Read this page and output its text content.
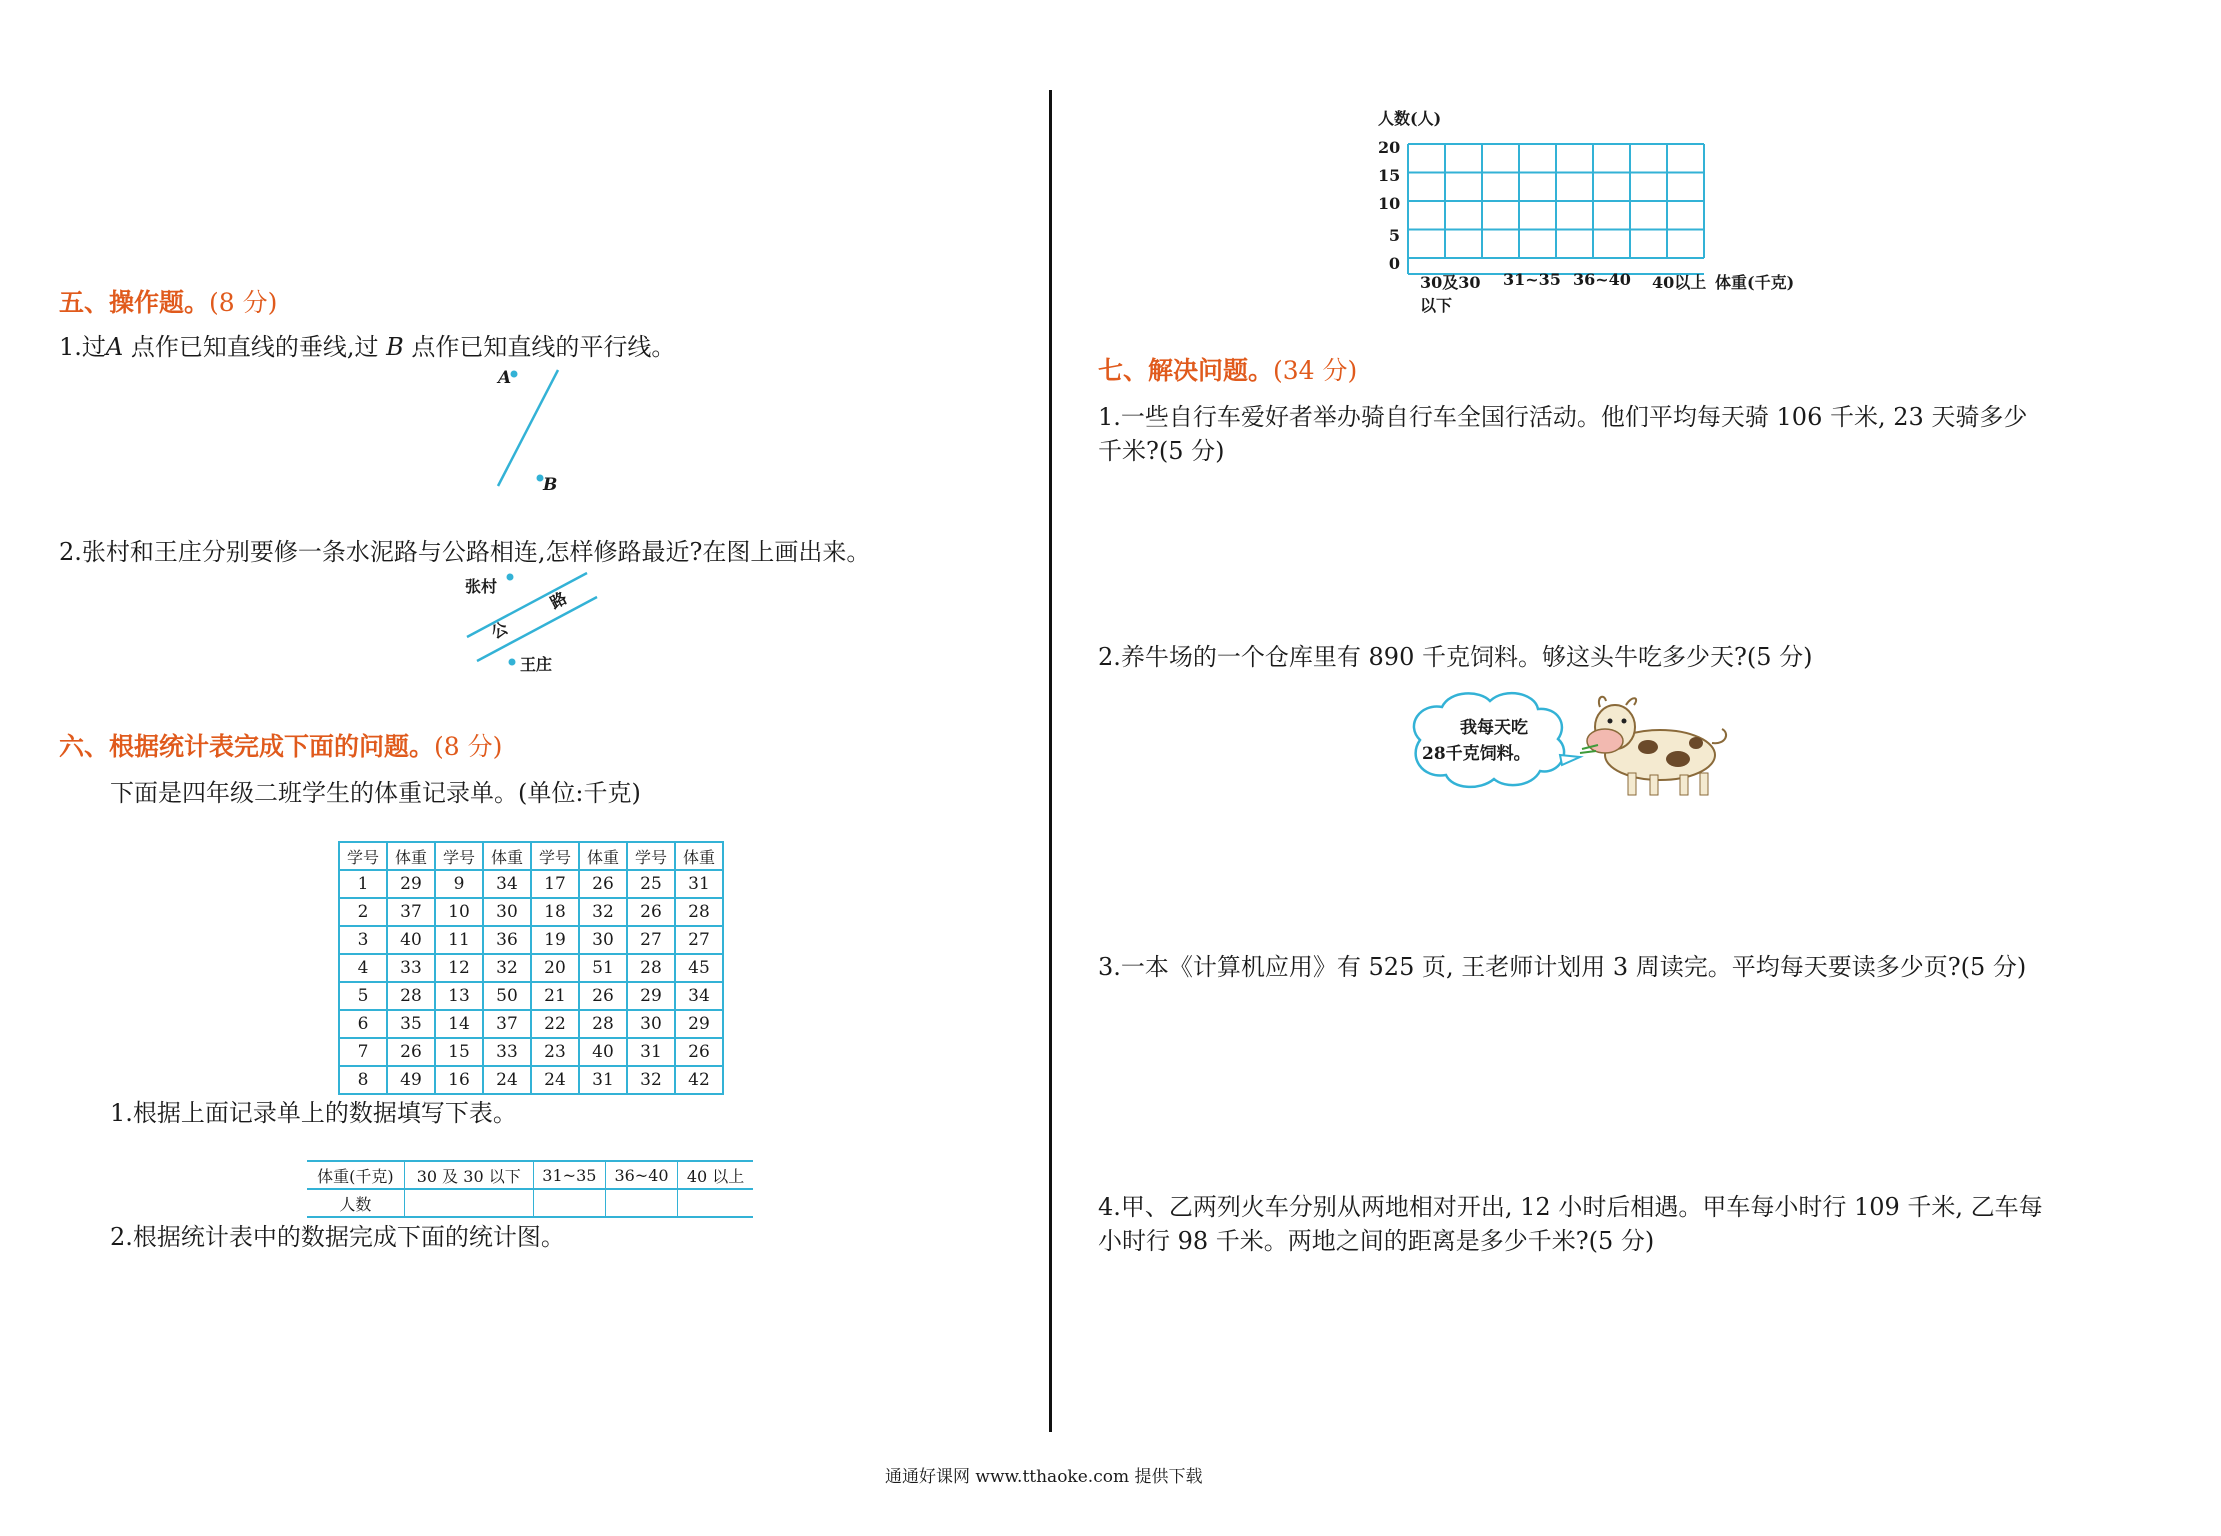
五、操作题。(8 分)
1.过A 点作已知直线的垂线,过 B 点作已知直线的平行线。
A
B
2.张村和王庄分别要修一条水泥路与公路相连,怎样修路最近?在图上画出来。
张村
王庄
公
路
六、根据统计表完成下面的问题。(8 分)
下面是四年级二班学生的体重记录单。(单位:千克)
学号	体重	学号	体重	学号	体重	学号	体重
1	29	9	34	17	26	25	31
2	37	10	30	18	32	26	28
3	40	11	36	19	30	27	27
4	33	12	32	20	51	28	45
5	28	13	50	21	26	29	34
6	35	14	37	22	28	30	29
7	26	15	33	23	40	31	26
8	49	16	24	24	31	32	42
1.根据上面记录单上的数据填写下表。
体重(千克)	30 及 30 以下	31~35	36~40	40 以上
人数				
2.根据统计表中的数据完成下面的统计图。
人数(人)
20
15
10
5
0
30及30
以下
31~35 36~40 40以上 体重(千克)
七、解决问题。(34 分)
1.一些自行车爱好者举办骑自行车全国行活动。他们平均每天骑 106 千米, 23 天骑多少千米?(5 分)
2.养牛场的一个仓库里有 890 千克饲料。够这头牛吃多少天?(5 分)
我每天吃
28千克饲料。
3.一本《计算机应用》有 525 页, 王老师计划用 3 周读完。平均每天要读多少页?(5 分)
4.甲、乙两列火车分别从两地相对开出, 12 小时后相遇。甲车每小时行 109 千米, 乙车每小时行 98 千米。两地之间的距离是多少千米?(5 分)
通通好课网 www.tthaoke.com 提供下载
